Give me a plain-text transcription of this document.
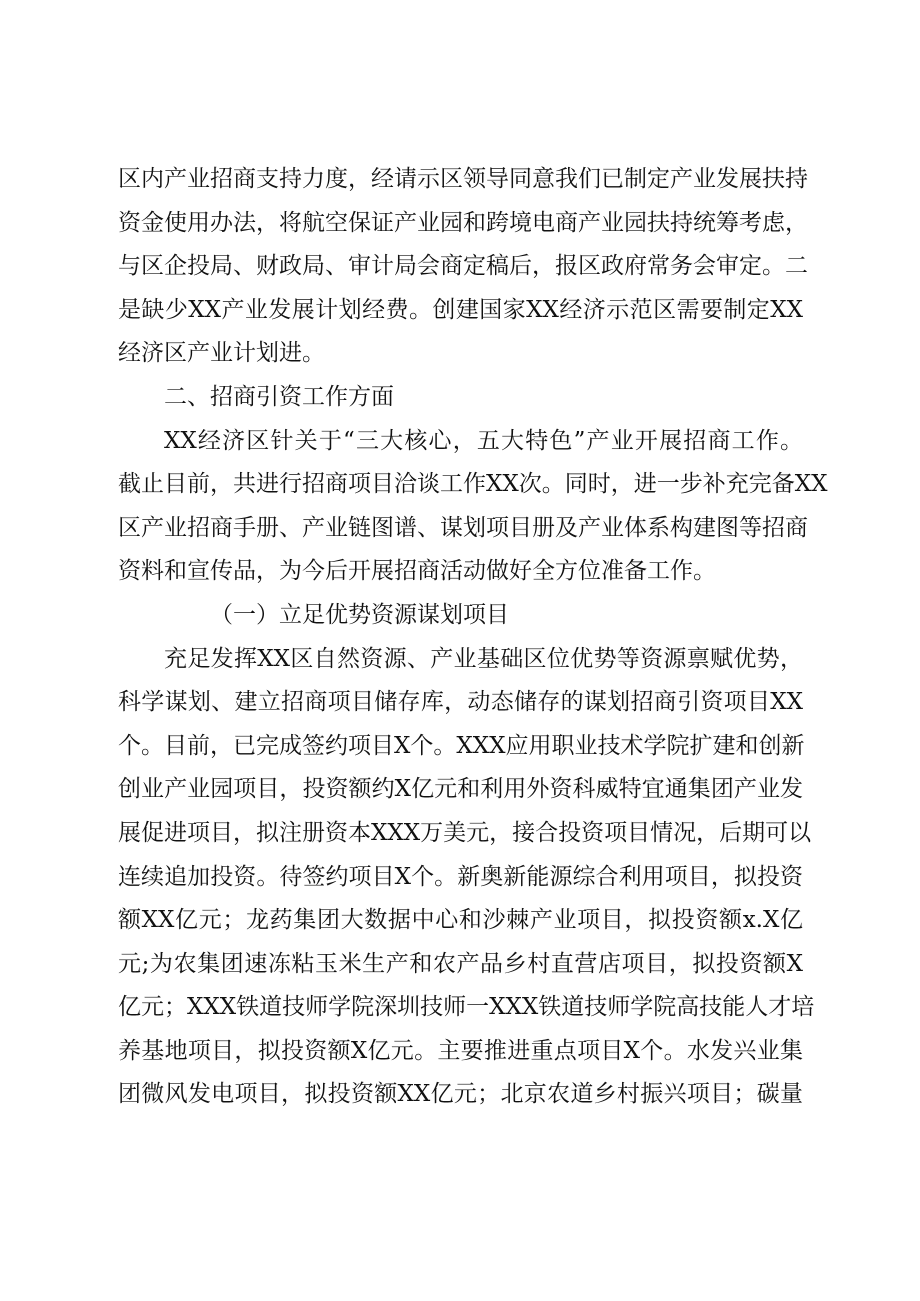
区内产业招商支持力度，经请示区领导同意我们已制定产业发展扶持
资金使用办法，将航空保证产业园和跨境电商产业园扶持统筹考虑，
与区企投局、财政局、审计局会商定稿后，报区政府常务会审定。二
是缺少XX产业发展计划经费。创建国家XX经济示范区需要制定XX
经济区产业计划进。

二、招商引资工作方面

XX经济区针关于“三大核心，五大特色”产业开展招商工作。
截止目前，共进行招商项目洽谈工作XX次。同时，进一步补充完备XX
区产业招商手册、产业链图谱、谋划项目册及产业体系构建图等招商
资料和宣传品，为今后开展招商活动做好全方位准备工作。

（一）立足优势资源谋划项目

充足发挥XX区自然资源、产业基础区位优势等资源禀赋优势，
科学谋划、建立招商项目储存库，动态储存的谋划招商引资项目XX
个。目前，已完成签约项目X个。XXX应用职业技术学院扩建和创新
创业产业园项目，投资额约X亿元和利用外资科威特宜通集团产业发
展促进项目，拟注册资本XXX万美元，接合投资项目情况，后期可以
连续追加投资。待签约项目X个。新奥新能源综合利用项目，拟投资
额XX亿元；龙药集团大数据中心和沙棘产业项目，拟投资额x.X亿
元;为农集团速冻粘玉米生产和农产品乡村直营店项目，拟投资额X
亿元；XXX铁道技师学院深圳技师一XXX铁道技师学院高技能人才培
养基地项目，拟投资额X亿元。主要推进重点项目X个。水发兴业集
团微风发电项目，拟投资额XX亿元；北京农道乡村振兴项目；碳量
